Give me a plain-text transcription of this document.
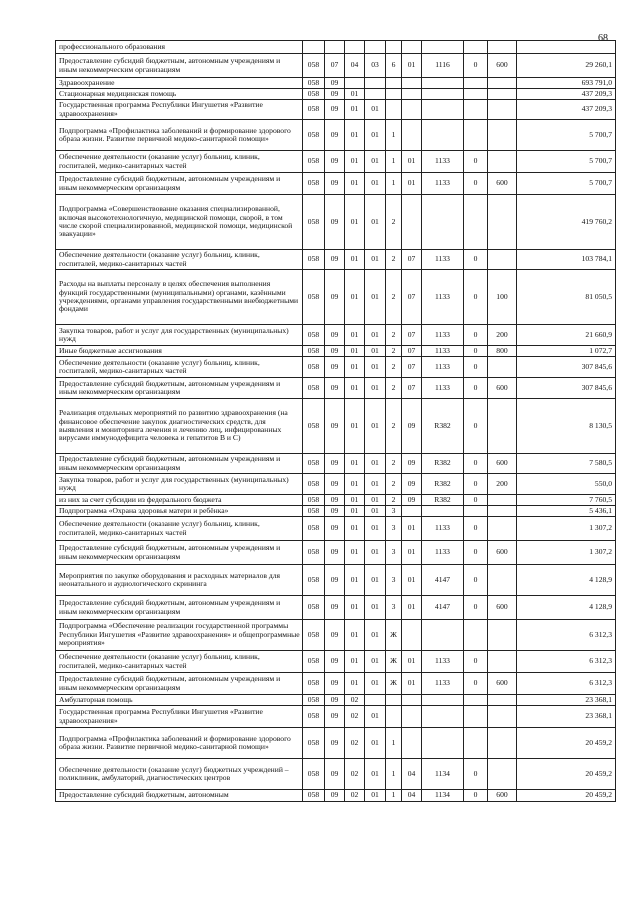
68
профессионального образования										
Предоставление субсидий бюджетным, автономным учреждениям и иным некоммерческим организациям	058	07	04	03	6	01	1116	0	600	29 260,1
Здравоохранение	058	09								693 791,0
Стационарная медицинская помощь	058	09	01							437 209,3
Государственная программа Республики Ингушетия «Развитие здравоохранения»	058	09	01	01						437 209,3
Подпрограмма «Профилактика заболеваний и формирование здорового образа жизни. Развитие первичной медико-санитарной помощи»	058	09	01	01	1					5 700,7
Обеспечение деятельности (оказание услуг) больниц, клиник, госпиталей, медико-санитарных частей	058	09	01	01	1	01	1133	0		5 700,7
Предоставление субсидий бюджетным, автономным учреждениям и иным некоммерческим организациям	058	09	01	01	1	01	1133	0	600	5 700,7
Подпрограмма «Совершенствование оказания специализированной, включая высокотехнологичную, медицинской помощи, скорой, в том числе скорой специализированной, медицинской помощи, медицинской эвакуации»	058	09	01	01	2					419 760,2
Обеспечение деятельности (оказание услуг) больниц, клиник, госпиталей, медико-санитарных частей	058	09	01	01	2	07	1133	0		103 784,1
Расходы на выплаты персоналу в целях обеспечения выполнения функций государственными (муниципальными) органами, казёнными учреждениями, органами управления государственными внебюджетными фондами	058	09	01	01	2	07	1133	0	100	81 050,5
Закупка товаров, работ и услуг для государственных (муниципальных) нужд	058	09	01	01	2	07	1133	0	200	21 660,9
Иные бюджетные ассигнования	058	09	01	01	2	07	1133	0	800	1 072,7
Обеспечение деятельности (оказание услуг) больниц, клиник, госпиталей, медико-санитарных частей	058	09	01	01	2	07	1133	0		307 845,6
Предоставление субсидий бюджетным, автономным учреждениям и иным некоммерческим организациям	058	09	01	01	2	07	1133	0	600	307 845,6
Реализация отдельных мероприятий по развитию здравоохранения (на финансовое обеспечение закупок диагностических средств, для выявления и мониторинга лечения и лечению лиц, инфицированных вирусами иммунодефицита человека и гепатитов В и С)	058	09	01	01	2	09	R382	0		8 130,5
Предоставление субсидий бюджетным, автономным учреждениям и иным некоммерческим организациям	058	09	01	01	2	09	R382	0	600	7 580,5
Закупка товаров, работ и услуг для государственных (муниципальных) нужд	058	09	01	01	2	09	R382	0	200	550,0
из них за счет субсидии из федерального бюджета	058	09	01	01	2	09	R382	0		7 760,5
Подпрограмма «Охрана здоровья матери и ребёнка»	058	09	01	01	3					5 436,1
Обеспечение деятельности (оказание услуг) больниц, клиник, госпиталей, медико-санитарных частей	058	09	01	01	3	01	1133	0		1 307,2
Предоставление субсидий бюджетным, автономным учреждениям и иным некоммерческим организациям	058	09	01	01	3	01	1133	0	600	1 307,2
Мероприятия по закупке оборудования и расходных материалов для неонатального и аудиологического скрининга	058	09	01	01	3	01	4147	0		4 128,9
Предоставление субсидий бюджетным, автономным учреждениям и иным некоммерческим организациям	058	09	01	01	3	01	4147	0	600	4 128,9
Подпрограмма «Обеспечение реализации государственной программы Республики Ингушетия «Развитие здравоохранения» и общепрограммные мероприятия»	058	09	01	01	Ж					6 312,3
Обеспечение деятельности (оказание услуг) больниц, клиник, госпиталей, медико-санитарных частей	058	09	01	01	Ж	01	1133	0		6 312,3
Предоставление субсидий бюджетным, автономным учреждениям и иным некоммерческим организациям	058	09	01	01	Ж	01	1133	0	600	6 312,3
Амбулаторная помощь	058	09	02							23 368,1
Государственная программа Республики Ингушетия «Развитие здравоохранения»	058	09	02	01						23 368,1
Подпрограмма «Профилактика заболеваний и формирование здорового образа жизни. Развитие первичной медико-санитарной помощи»	058	09	02	01	1					20 459,2
Обеспечение деятельности (оказание услуг) бюджетных учреждений – поликлиник, амбулаторий, диагностических центров	058	09	02	01	1	04	1134	0		20 459,2
Предоставление субсидий бюджетным, автономным	058	09	02	01	1	04	1134	0	600	20 459,2
